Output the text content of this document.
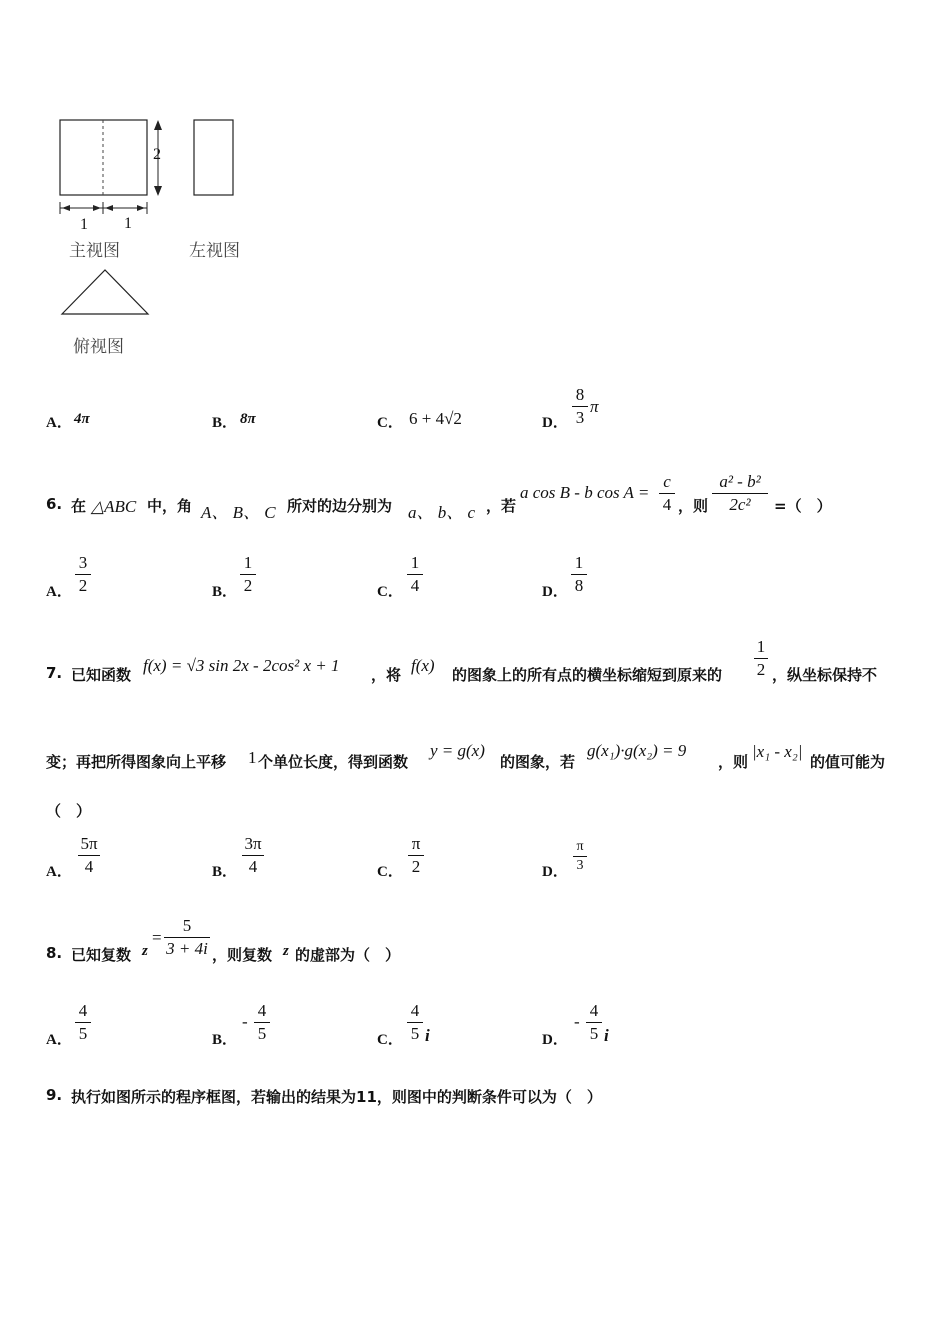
2
1 1
主视图	左视图
俯视图
A． 4π	B． 8π	C． 6 + 4√2	D．
8
3
π
6. 在 △ABC 中，角 A、 B、 C 所对的边分别为 a、 b、 c ，若
a cos B - b cos A =
c
4 ，则
a² - b²
2c²	=（　）
A．
3
2	B．
1
2	C．
1
4	D．
1
8
7. 已知函数 f(x) = √3 sin 2x - 2cos² x + 1 ，将 f(x) 的图象上的所有点的横坐标缩短到原来的
1
2 ，纵坐标保持不
变；再把所得图象向上平移 1 个单位长度，得到函数
y = g(x)
的图象，若
g(x₁)·g(x₂) = 9
，则
|x₁ - x₂|
的值可能为
（　）
A．
5π
4	B．
3π
4	C．
π
2	D．
π
3
8. 已知复数 z
=
5
3 + 4i ，则复数 z 的虚部为（　）
A．
4
5	B．
-
4
5	C．
4
5 i	D．
-
4
5 i
9. 执行如图所示的程序框图，若输出的结果为11，则图中的判断条件可以为（　）
